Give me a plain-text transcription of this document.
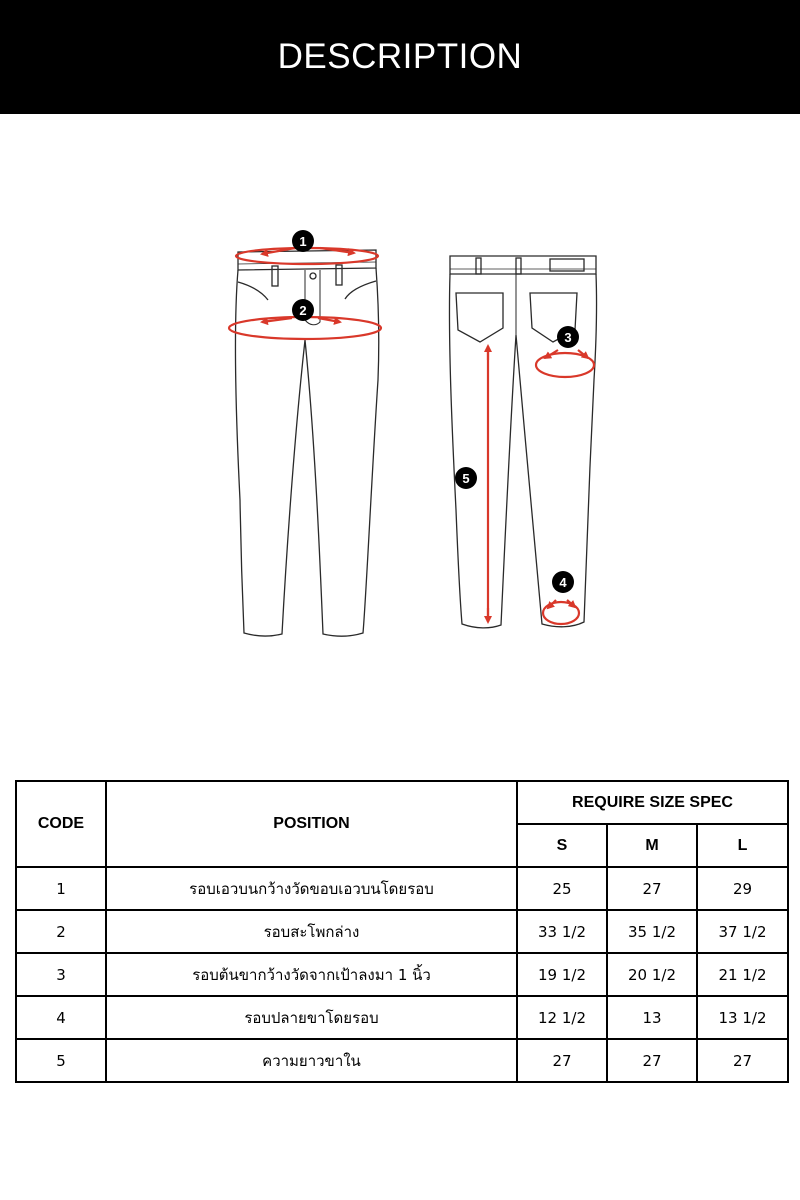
DESCRIPTION
1
2
3
4
5
CODE	POSITION	REQUIRE SIZE SPEC		
		S	M	L
1	รอบเอวบนกว้างวัดขอบเอวบนโดยรอบ	25	27	29
2	รอบสะโพกล่าง	33 1/2	35 1/2	37 1/2
3	รอบต้นขากว้างวัดจากเป้าลงมา 1 นิ้ว	19 1/2	20 1/2	21 1/2
4	รอบปลายขาโดยรอบ	12 1/2	13	13 1/2
5	ความยาวขาใน	27	27	27
